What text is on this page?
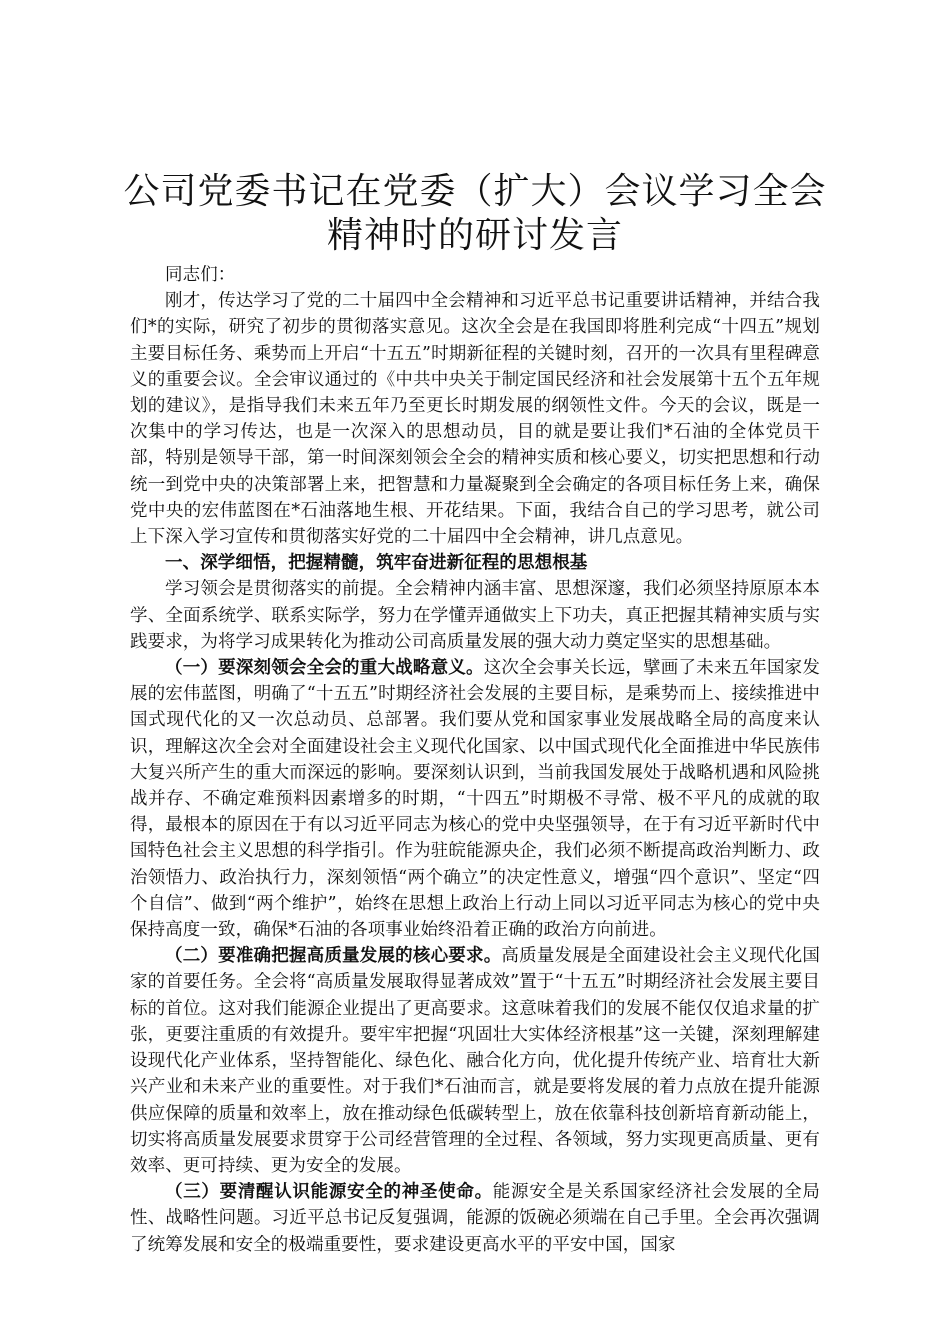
公司党委书记在党委（扩大）会议学习全会精神时的研讨发言

同志们：

刚才，传达学习了党的二十届四中全会精神和习近平总书记重要讲话精神，并结合我们*的实际，研究了初步的贯彻落实意见。这次全会是在我国即将胜利完成“十四五”规划主要目标任务、乘势而上开启“十五五”时期新征程的关键时刻，召开的一次具有里程碑意义的重要会议。全会审议通过的《中共中央关于制定国民经济和社会发展第十五个五年规划的建议》，是指导我们未来五年乃至更长时期发展的纲领性文件。今天的会议，既是一次集中的学习传达，也是一次深入的思想动员，目的就是要让我们*石油的全体党员干部，特别是领导干部，第一时间深刻领会全会的精神实质和核心要义，切实把思想和行动统一到党中央的决策部署上来，把智慧和力量凝聚到全会确定的各项目标任务上来，确保党中央的宏伟蓝图在*石油落地生根、开花结果。下面，我结合自己的学习思考，就公司上下深入学习宣传和贯彻落实好党的二十届四中全会精神，讲几点意见。

一、深学细悟，把握精髓，筑牢奋进新征程的思想根基

学习领会是贯彻落实的前提。全会精神内涵丰富、思想深邃，我们必须坚持原原本本学、全面系统学、联系实际学，努力在学懂弄通做实上下功夫，真正把握其精神实质与实践要求，为将学习成果转化为推动公司高质量发展的强大动力奠定坚实的思想基础。

（一）要深刻领会全会的重大战略意义。这次全会事关长远，擘画了未来五年国家发展的宏伟蓝图，明确了“十五五”时期经济社会发展的主要目标，是乘势而上、接续推进中国式现代化的又一次总动员、总部署。我们要从党和国家事业发展战略全局的高度来认识，理解这次全会对全面建设社会主义现代化国家、以中国式现代化全面推进中华民族伟大复兴所产生的重大而深远的影响。要深刻认识到，当前我国发展处于战略机遇和风险挑战并存、不确定难预料因素增多的时期，“十四五”时期极不寻常、极不平凡的成就的取得，最根本的原因在于有以习近平同志为核心的党中央坚强领导，在于有习近平新时代中国特色社会主义思想的科学指引。作为驻皖能源央企，我们必须不断提高政治判断力、政治领悟力、政治执行力，深刻领悟“两个确立”的决定性意义，增强“四个意识”、坚定“四个自信”、做到“两个维护”，始终在思想上政治上行动上同以习近平同志为核心的党中央保持高度一致，确保*石油的各项事业始终沿着正确的政治方向前进。

（二）要准确把握高质量发展的核心要求。高质量发展是全面建设社会主义现代化国家的首要任务。全会将“高质量发展取得显著成效”置于“十五五”时期经济社会发展主要目标的首位。这对我们能源企业提出了更高要求。这意味着我们的发展不能仅仅追求量的扩张，更要注重质的有效提升。要牢牢把握“巩固壮大实体经济根基”这一关键，深刻理解建设现代化产业体系，坚持智能化、绿色化、融合化方向，优化提升传统产业、培育壮大新兴产业和未来产业的重要性。对于我们*石油而言，就是要将发展的着力点放在提升能源供应保障的质量和效率上，放在推动绿色低碳转型上，放在依靠科技创新培育新动能上，切实将高质量发展要求贯穿于公司经营管理的全过程、各领域，努力实现更高质量、更有效率、更可持续、更为安全的发展。

（三）要清醒认识能源安全的神圣使命。能源安全是关系国家经济社会发展的全局性、战略性问题。习近平总书记反复强调，能源的饭碗必须端在自己手里。全会再次强调了统筹发展和安全的极端重要性，要求建设更高水平的平安中国，国家
